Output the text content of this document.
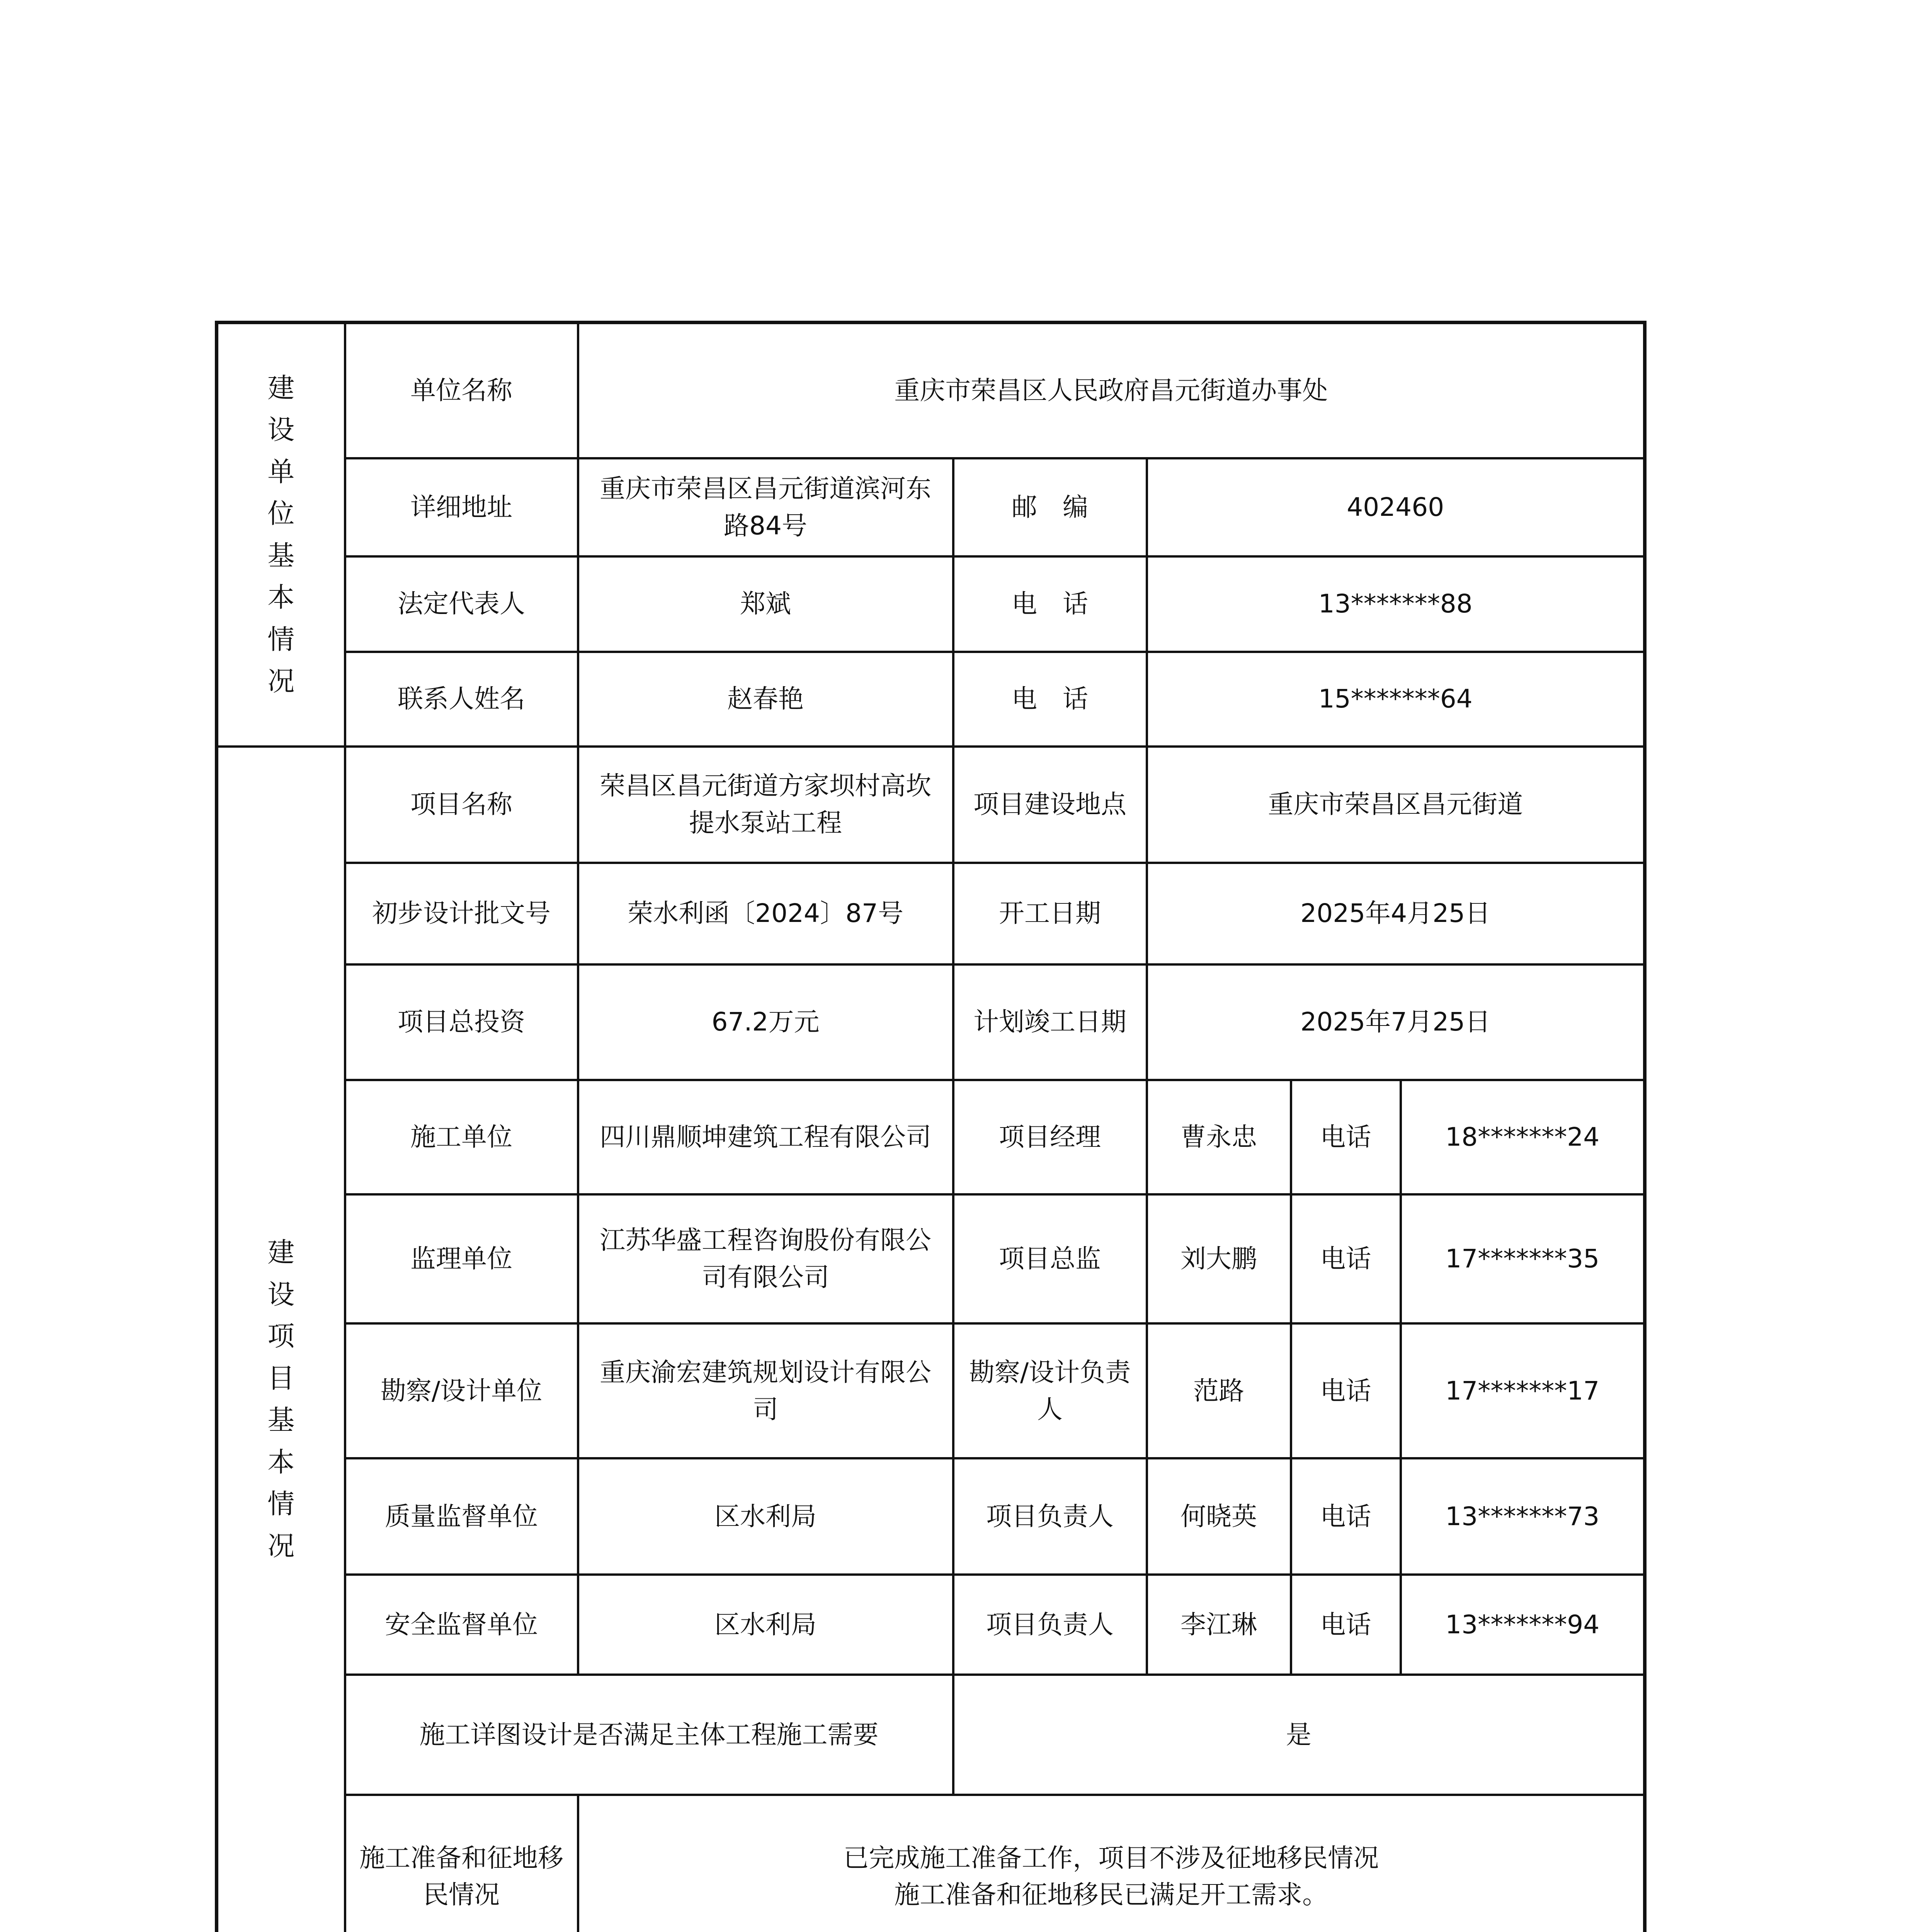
建设单位基本情况	单位名称	重庆市荣昌区人民政府昌元街道办事处				
	详细地址	重庆市荣昌区昌元街道滨河东路84号	邮　编	402460		
	法定代表人	郑斌	电　话	13*******88		
	联系人姓名	赵春艳	电　话	15*******64		

建设项目基本情况	项目名称	荣昌区昌元街道方家坝村高坎提水泵站工程	项目建设地点	重庆市荣昌区昌元街道		
	初步设计批文号	荣水利函〔2024〕87号	开工日期	2025年4月25日		
	项目总投资	67.2万元	计划竣工日期	2025年7月25日		
	施工单位	四川鼎顺坤建筑工程有限公司	项目经理	曹永忠	电话	18*******24
	监理单位	江苏华盛工程咨询股份有限公司有限公司	项目总监	刘大鹏	电话	17*******35
	勘察/设计单位	重庆渝宏建筑规划设计有限公司	勘察/设计负责人	范路	电话	17*******17
	质量监督单位	区水利局	项目负责人	何晓英	电话	13*******73
	安全监督单位	区水利局	项目负责人	李江琳	电话	13*******94
	施工详图设计是否满足主体工程施工需要		是			
	施工准备和征地移民情况	已完成施工准备工作，项目不涉及征地移民情况
施工准备和征地移民已满足开工需求。				
